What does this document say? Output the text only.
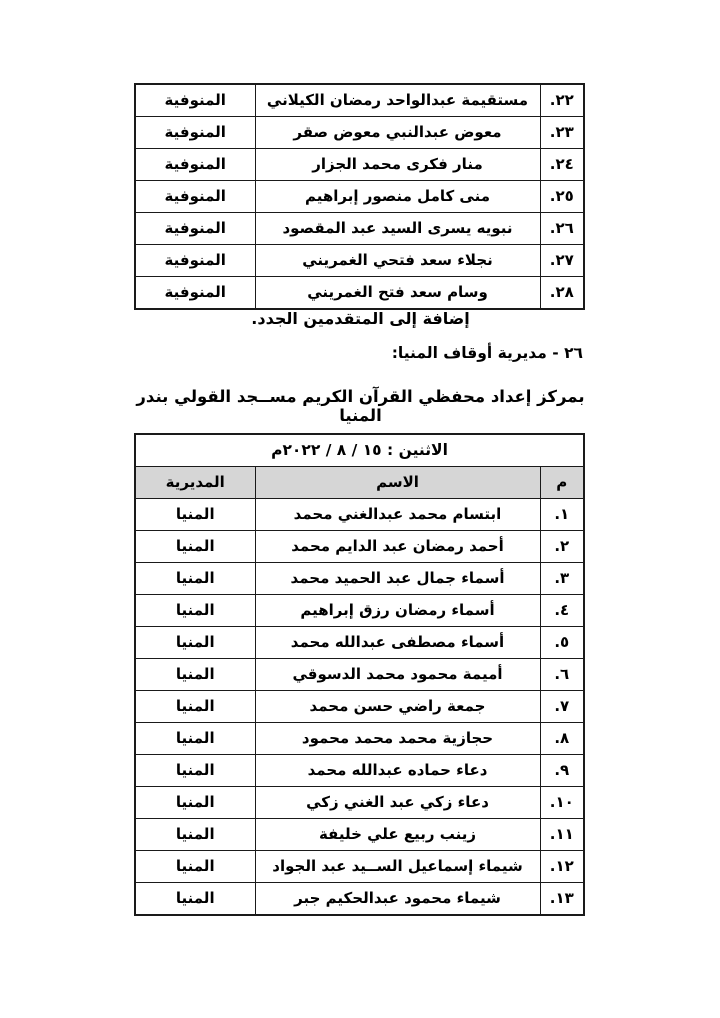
٢٢.	مستقيمة عبدالواحد رمضان الكيلاني	المنوفية
٢٣.	معوض عبدالنبي معوض صقر	المنوفية
٢٤.	منار فكرى محمد الجزار	المنوفية
٢٥.	منى كامل منصور إبراهيم	المنوفية
٢٦.	نبويه يسرى السيد عبد المقصود	المنوفية
٢٧.	نجلاء سعد فتحي الغمريني	المنوفية
٢٨.	وسام سعد فتح الغمريني	المنوفية
إضافة إلى المتقدمين الجدد.
٢٦ - مديرية أوقاف المنيا:
بمركز إعداد محفظي القرآن الكريم مســجد القولي بندر المنيا
الاثنين : ١٥ / ٨ / ٢٠٢٢م		
م	الاسم	المديرية
١.	ابتسام محمد عبدالغني محمد	المنيا
٢.	أحمد رمضان عبد الدايم محمد	المنيا
٣.	أسماء جمال عبد الحميد محمد	المنيا
٤.	أسماء رمضان رزق إبراهيم	المنيا
٥.	أسماء مصطفى عبدالله محمد	المنيا
٦.	أميمة محمود محمد الدسوقي	المنيا
٧.	جمعة راضي حسن محمد	المنيا
٨.	حجازية محمد محمد محمود	المنيا
٩.	دعاء حماده عبدالله محمد	المنيا
١٠.	دعاء زكي عبد الغني زكي	المنيا
١١.	زينب ربيع علي خليفة	المنيا
١٢.	شيماء إسماعيل الســيد عبد الجواد	المنيا
١٣.	شيماء محمود عبدالحكيم جبر	المنيا
